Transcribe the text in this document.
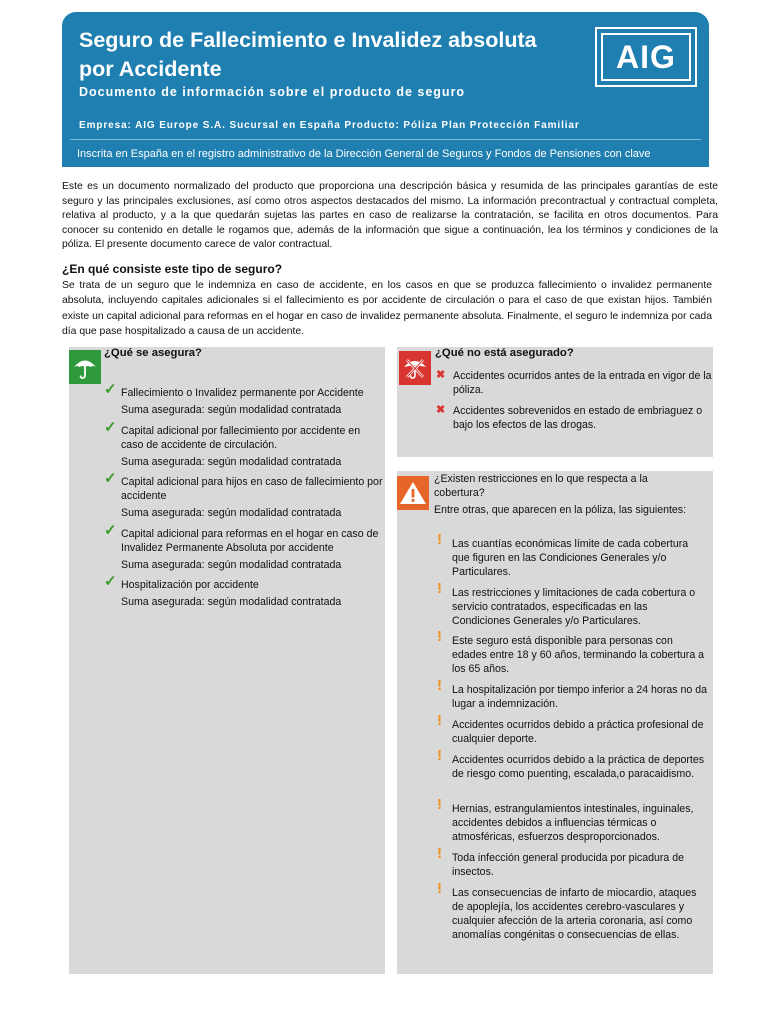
Seguro de Fallecimiento e Invalidez absoluta por Accidente
Documento de información sobre el producto de seguro
Empresa: AIG Europe S.A. Sucursal en España Producto: Póliza Plan Protección Familiar
Inscrita en España en el registro administrativo de la Dirección General de Seguros y Fondos de Pensiones con clave
AIG
Este es un documento normalizado del producto que proporciona una descripción básica y resumida de las principales garantías de este seguro y las principales exclusiones, así como otros aspectos destacados del mismo. La información precontractual y contractual completa, relativa al producto, y a la que quedarán sujetas las partes en caso de realizarse la contratación, se facilita en otros documentos. Para conocer su contenido en detalle le rogamos que, además de la información que sigue a continuación, lea los términos y condiciones de la póliza. El presente documento carece de valor contractual.
¿En qué consiste este tipo de seguro?
Se trata de un seguro que le indemniza en caso de accidente, en los casos en que se produzca fallecimiento o invalidez permanente absoluta, incluyendo capitales adicionales si el fallecimiento es por accidente de circulación o para el caso de que existan hijos. También existe un capital adicional para reformas en el hogar en caso de invalidez permanente absoluta. Finalmente, el seguro le indemniza por cada día que pase hospitalizado a causa de un accidente.
¿Qué se asegura?
✓ Fallecimiento o Invalidez permanente por Accidente
Suma asegurada: según modalidad contratada
✓ Capital adicional por fallecimiento por accidente en caso de accidente de circulación.
Suma asegurada: según modalidad contratada
✓ Capital adicional para hijos en caso de fallecimiento por accidente
Suma asegurada: según modalidad contratada
✓ Capital adicional para reformas en el hogar en caso de Invalidez Permanente Absoluta por accidente
Suma asegurada: según modalidad contratada
✓ Hospitalización por accidente
Suma asegurada: según modalidad contratada
¿Qué no está asegurado?
✖ Accidentes ocurridos antes de la entrada en vigor de la póliza.
✖ Accidentes sobrevenidos en estado de embriaguez o bajo los efectos de las drogas.
¿Existen restricciones en lo que respecta a la cobertura?
Entre otras, que aparecen en la póliza, las siguientes:
! Las cuantías económicas límite de cada cobertura que figuren en las Condiciones Generales y/o Particulares.
! Las restricciones y limitaciones de cada cobertura o servicio contratados, especificadas en las Condiciones Generales y/o Particulares.
! Este seguro está disponible para personas con edades entre 18 y 60 años, terminando la cobertura a los 65 años.
! La hospitalización por tiempo inferior a 24 horas no da lugar a indemnización.
! Accidentes ocurridos debido a práctica profesional de cualquier deporte.
! Accidentes ocurridos debido a la práctica de deportes de riesgo como puenting, escalada,o paracaidismo.
! Hernias, estrangulamientos intestinales, inguinales, accidentes debidos a influencias térmicas o atmosféricas, esfuerzos desproporcionados.
! Toda infección general producida por picadura de insectos.
! Las consecuencias de infarto de miocardio, ataques de apoplejía, los accidentes cerebro-vasculares y cualquier afección de la arteria coronaria, así como anomalías congénitas o consecuencias de ellas.
